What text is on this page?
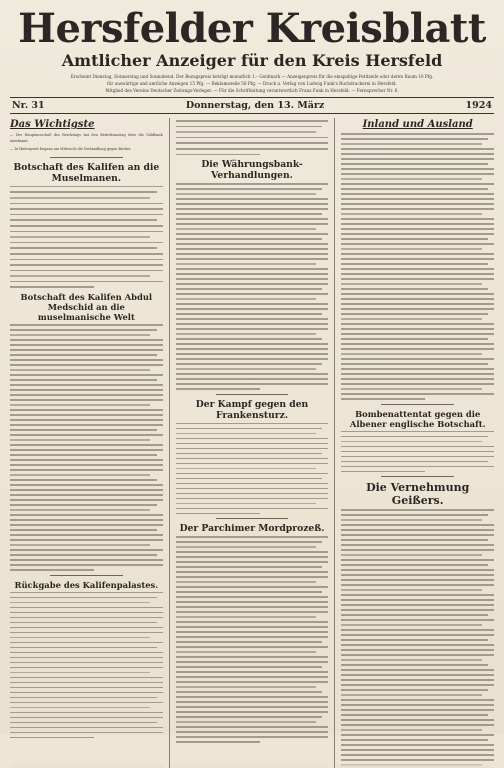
Hersfelder Kreisblatt
Amtlicher Anzeiger für den Kreis Hersfeld
Erscheint Dienstag, Donnerstag und Sonnabend. Der Bezugspreis beträgt monatlich 1.– Goldmark — Anzeigenpreis für die einspaltige Petitzeile oder deren Raum 10 Pfg.
für auswärtige und amtliche Anzeigen 15 Pfg. — Reklamezeile 50 Pfg. — Druck u. Verlag von Ludwig Funk's Buchdruckerei in Hersfeld.
Mitglied des Vereins Deutscher Zeitungs-Verleger. — Für die Schriftleitung verantwortlich Franz Funk in Hersfeld. — Fernsprecher Nr. 6.
Nr. 31	Donnerstag, den 13. März	1924
Das Wichtigste
— Der Hauptausschuß des Reichstags hat den Beitrittsantrag über die Goldbank anerkannt.
— In Hinterpreis begann am Mittwoch die Verhandlung gegen Becker.
Botschaft des Kalifen an die Muselmanen.
Botschaft des Kalifen Abdul Medschid an die muselmanische Welt
Rückgabe des Kalifenpalastes.
Die Währungsbank-Verhandlungen.
Der Kampf gegen den Frankensturz.
Der Parchimer Mordprozeß.
Inland und Ausland
Bombenattentat gegen die Albener englische Botschaft.
Die Vernehmung Geißers.
